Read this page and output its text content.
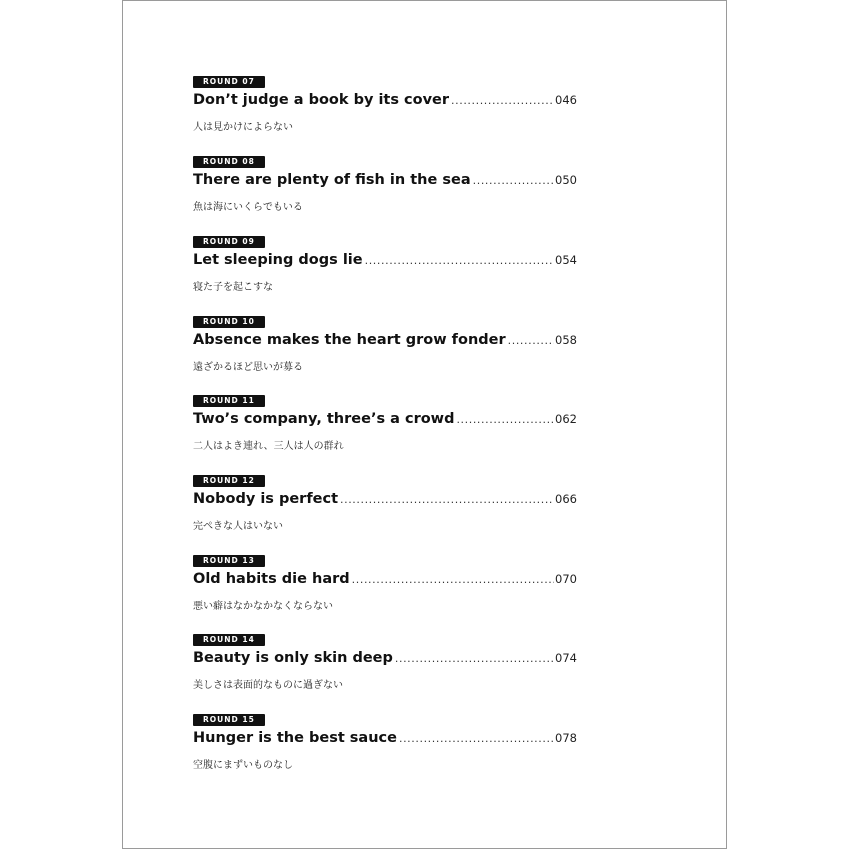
ROUND 07
Don’t judge a book by its cover .....	046
人は見かけによらない
ROUND 08
There are plenty of fish in the sea .....	050
魚は海にいくらでもいる
ROUND 09
Let sleeping dogs lie .....	054
寝た子を起こすな
ROUND 10
Absence makes the heart grow fonder .....	058
遠ざかるほど思いが募る
ROUND 11
Two’s company, three’s a crowd .....	062
二人はよき連れ、三人は人の群れ
ROUND 12
Nobody is perfect .....	066
完ぺきな人はいない
ROUND 13
Old habits die hard .....	070
悪い癖はなかなかなくならない
ROUND 14
Beauty is only skin deep .....	074
美しさは表面的なものに過ぎない
ROUND 15
Hunger is the best sauce .....	078
空腹にまずいものなし
